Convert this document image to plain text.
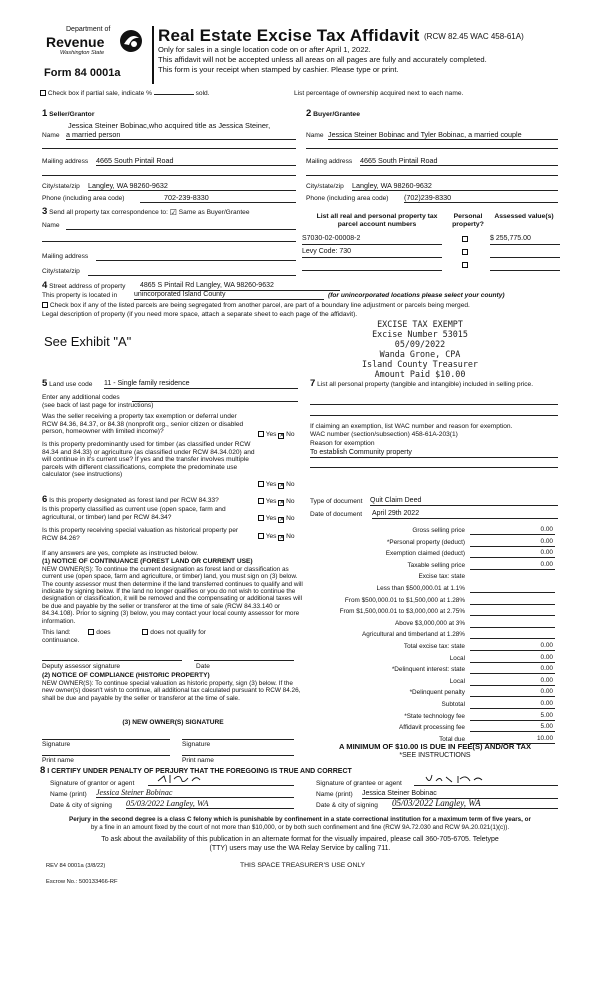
Department of
Revenue
Washington State
Form 84 0001a
Real Estate Excise Tax Affidavit (RCW 82.45 WAC 458-61A)
Only for sales in a single location code on or after April 1, 2022.
This affidavit will not be accepted unless all areas on all pages are fully and accurately completed.
This form is your receipt when stamped by cashier. Please type or print.
Check box if partial sale, indicate %	sold.	List percentage of ownership acquired next to each name.
1 Seller/Grantor
Jessica Steiner Bobinac,who acquired title as Jessica Steiner,
Name a married person
Mailing address 4665 South Pintail Road
City/state/zip Langley, WA 98260-9632
Phone (including area code)	702-239-8330
2 Buyer/Grantee
Name Jessica Steiner Bobinac and Tyler Bobinac, a married couple
Mailing address 4665 South Pintail Road
City/state/zip Langley, WA 98260-9632
Phone (including area code) (702)239-8330
3 Send all property tax correspondence to: ☑ Same as Buyer/Grantee
Name
Mailing address
City/state/zip
List all real and personal property tax parcel account numbers
Personal property?
Assessed value(s)
S7030-02-00008-2	$ 255,775.00
Levy Code: 730
4 Street address of property 4865 S Pintail Rd Langley, WA 98260-9632
This property is located in unincorporated Island County	(for unincorporated locations please select your county)
Check box if any of the listed parcels are being segregated from another parcel, are part of a boundary line adjustment or parcels being merged.
Legal description of property (if you need more space, attach a separate sheet to each page of the affidavit).
See Exhibit "A"
EXCISE TAX EXEMPT
Excise Number 53015
05/09/2022
Wanda Grone, CPA
Island County Treasurer
Amount Paid $10.00
5 Land use code 11 - Single family residence
Enter any additional codes
(see back of last page for instructions)
Was the seller receiving a property tax exemption or deferral under RCW 84.36, 84.37, or 84.38 (nonprofit org., senior citizen or disabled person, homeowner with limited income)?	Yes ✕ No
Is this property predominantly used for timber (as classified under RCW 84.34 and 84.33) or agriculture (as classified under RCW 84.34.020) and will continue in it's current use? If yes and the transfer involves multiple parcels with different classifications, complete the predominate use calculator (see instructions)
Yes ✕ No
6 Is this property designated as forest land per RCW 84.33?	Yes ✕ No
Is this property classified as current use (open space, farm and agricultural, or timber) land per RCW 84.34?	Yes ✕ No
Is this property receiving special valuation as historical property per RCW 84.26?	Yes ✕ No
If any answers are yes, complete as instructed below.
(1) NOTICE OF CONTINUANCE (FOREST LAND OR CURRENT USE)
NEW OWNER(S): To continue the current designation as forest land or classification as current use (open space, farm and agriculture, or timber) land, you must sign on (3) below. The county assessor must then determine if the land transferred continues to qualify and will indicate by signing below. If the land no longer qualifies or you do not wish to continue the designation or classification, it will be removed and the compensating or additional taxes will be due and payable by the seller or transferor at the time of sale (RCW 84.33.140 or 84.34.108). Prior to signing (3) below, you may contact your local county assessor for more information.
This land:	does	does not qualify for
continuance.
Deputy assessor signature	Date
(2) NOTICE OF COMPLIANCE (HISTORIC PROPERTY)
NEW OWNER(S): To continue special valuation as historic property, sign (3) below. If the new owner(s) doesn't wish to continue, all additional tax calculated pursuant to RCW 84.26, shall be due and payable by the seller or transferor at the time of sale.
(3) NEW OWNER(S) SIGNATURE
Signature	Signature
Print name	Print name
7 List all personal property (tangible and intangible) included in selling price.
If claiming an exemption, list WAC number and reason for exemption.
WAC number (section/subsection) 458-61A-203(1)
Reason for exemption
To establish Community property
Type of document Quit Claim Deed
Date of document April 29th 2022
Gross selling price	0.00
*Personal property (deduct)	0.00
Exemption claimed (deduct)	0.00
Taxable selling price	0.00
Excise tax: state
Less than $500,000.01 at 1.1%
From $500,000.01 to $1,500,000 at 1.28%
From $1,500,000.01 to $3,000,000 at 2.75%
Above $3,000,000 at 3%
Agricultural and timberland at 1.28%
Total excise tax: state	0.00
Local	0.00
*Delinquent interest: state	0.00
Local	0.00
*Delinquent penalty	0.00
Subtotal	0.00
*State technology fee	5.00
Affidavit processing fee	5.00
Total due	10.00
A MINIMUM OF $10.00 IS DUE IN FEE(S) AND/OR TAX
*SEE INSTRUCTIONS
8 I CERTIFY UNDER PENALTY OF PERJURY THAT THE FOREGOING IS TRUE AND CORRECT
Signature of grantor or agent
Name (print) Jessica Steiner Bobinac
Date & city of signing 05/03/2022 Langley, WA
Signature of grantee or agent
Name (print) Jessica Steiner Bobinac
Date & city of signing 05/03/2022 Langley, WA
Perjury in the second degree is a class C felony which is punishable by confinement in a state correctional institution for a maximum term of five years, or
by a fine in an amount fixed by the court of not more than $10,000, or by both such confinement and fine (RCW 9A.72.030 and RCW 9A.20.021(1)(c)).
To ask about the availability of this publication in an alternate format for the visually impaired, please call 360-705-6705. Teletype
(TTY) users may use the WA Relay Service by calling 711.
REV 84 0001a (3/8/22)	THIS SPACE TREASURER'S USE ONLY
Escrow No.: 500133466-RF
